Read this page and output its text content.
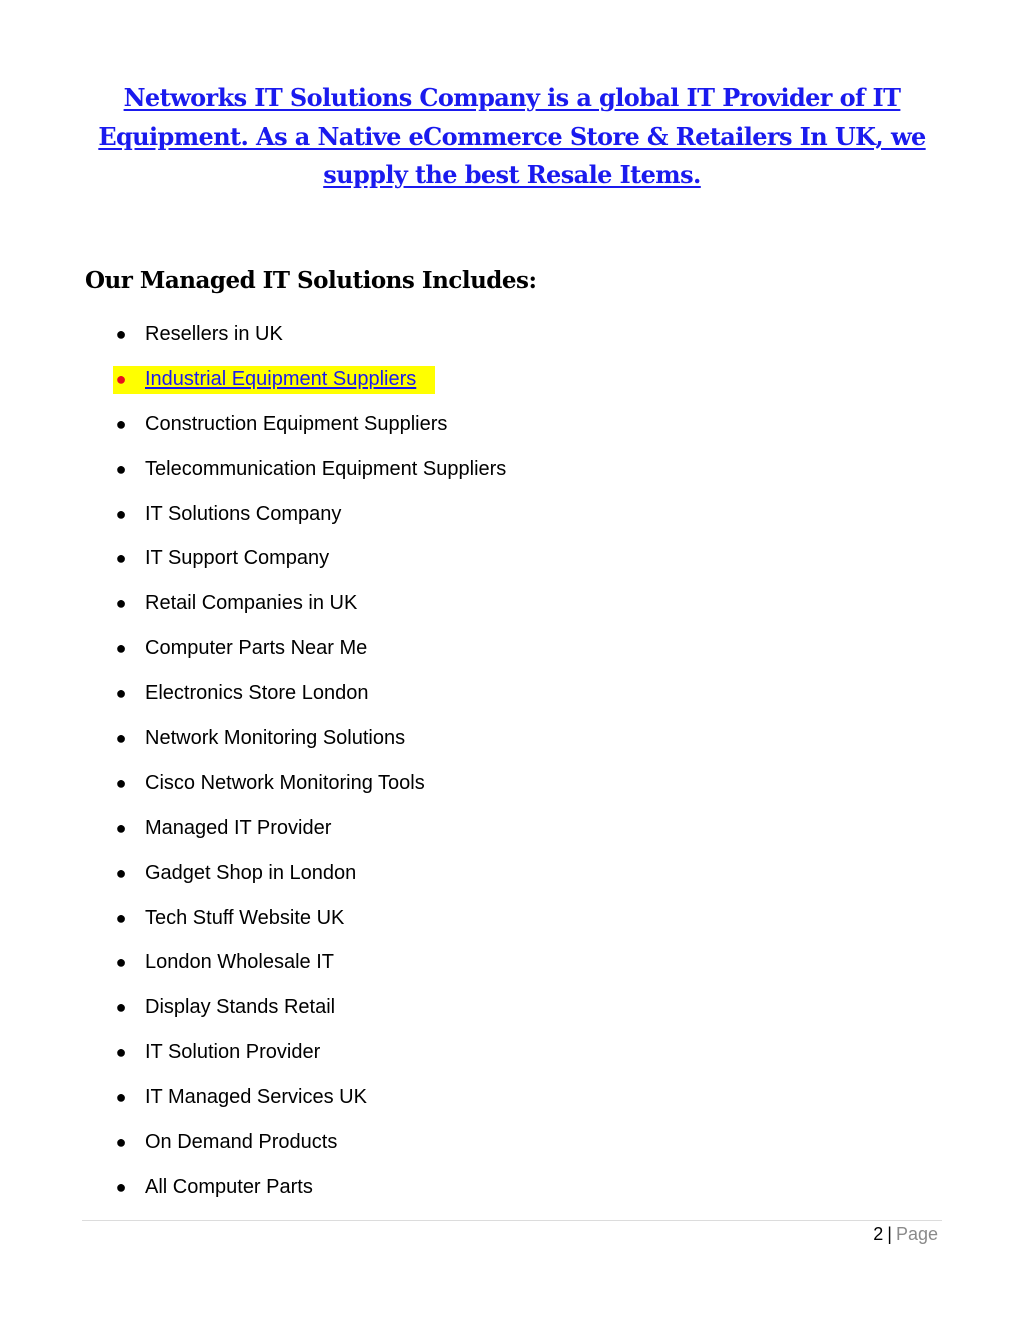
Networks IT Solutions Company is a global IT Provider of IT
Equipment. As a Native eCommerce Store & Retailers In UK, we
supply the best Resale Items.
Our Managed IT Solutions Includes:
● Resellers in UK
● Industrial Equipment Suppliers
● Construction Equipment Suppliers
● Telecommunication Equipment Suppliers
● IT Solutions Company
● IT Support Company
● Retail Companies in UK
● Computer Parts Near Me
● Electronics Store London
● Network Monitoring Solutions
● Cisco Network Monitoring Tools
● Managed IT Provider
● Gadget Shop in London
● Tech Stuff Website UK
● London Wholesale IT
● Display Stands Retail
● IT Solution Provider
● IT Managed Services UK
● On Demand Products
● All Computer Parts
2 | Page
